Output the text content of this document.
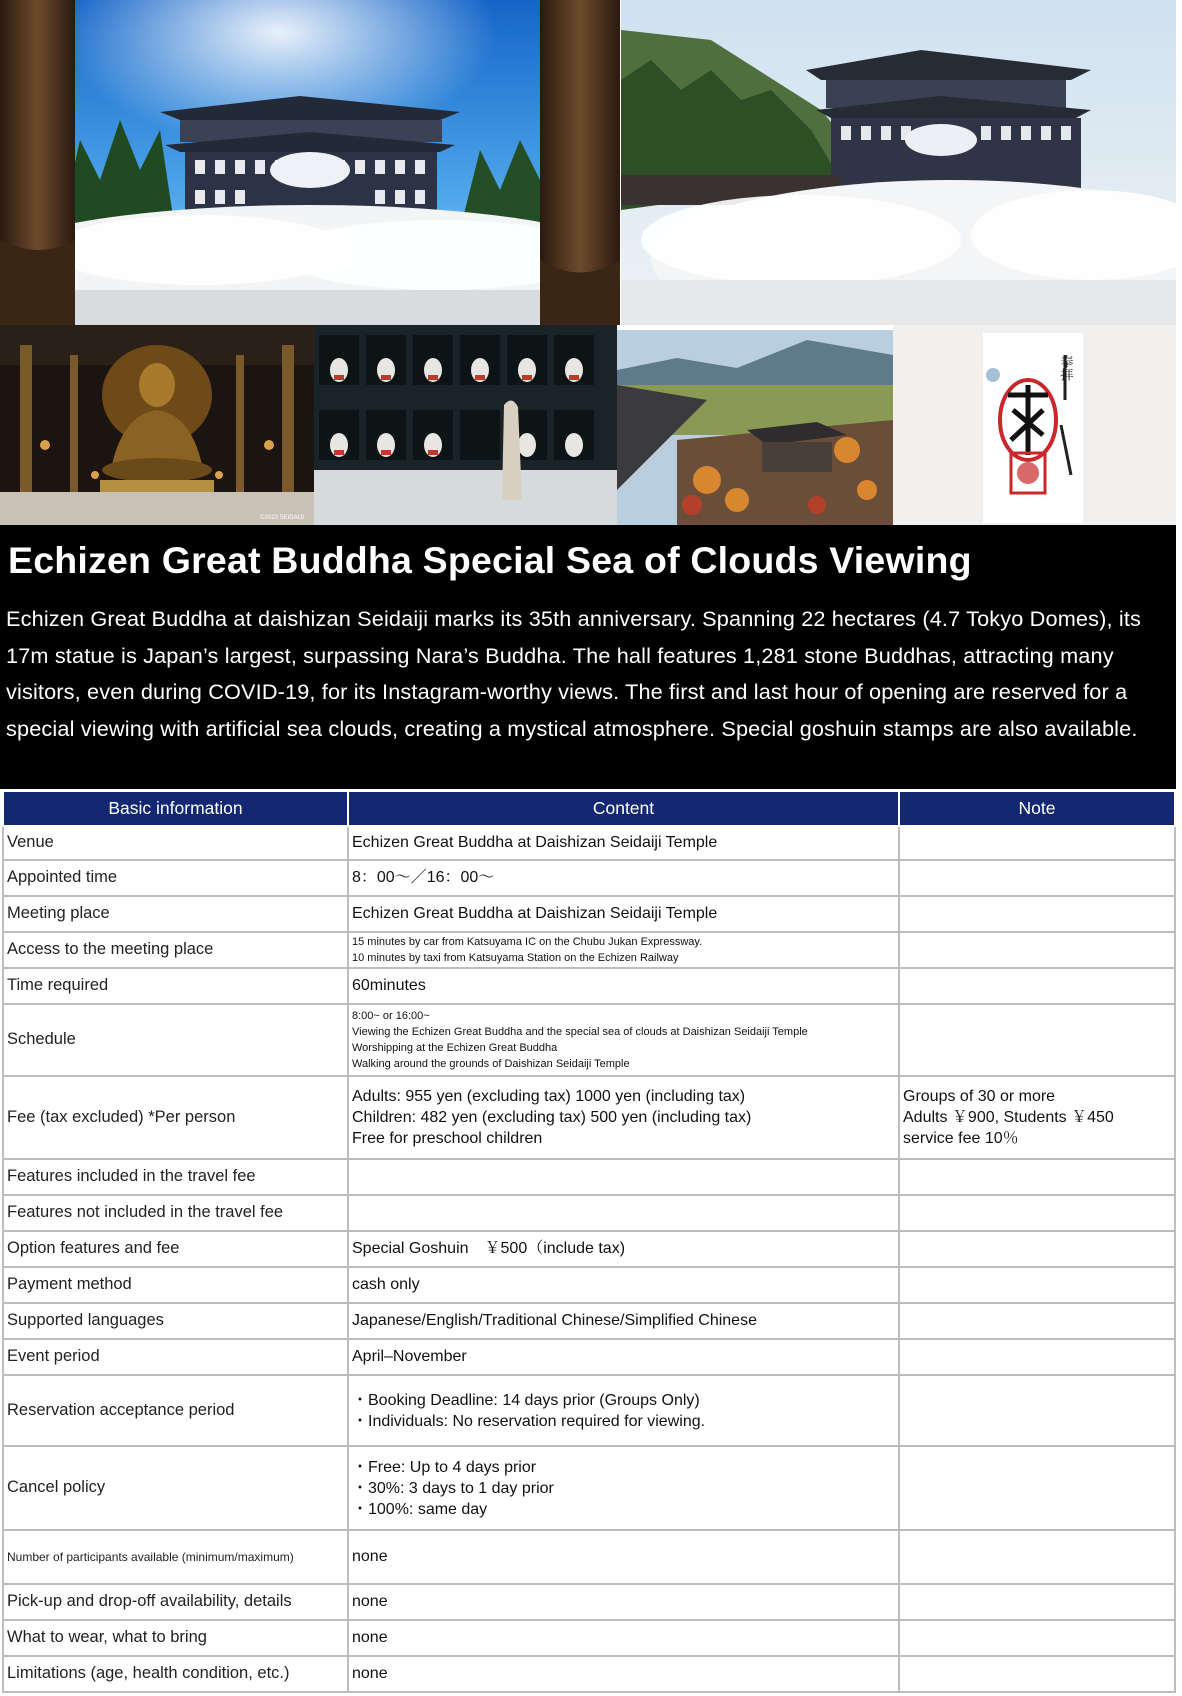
©2023 SEIDAIJI
奉拝
Echizen Great Buddha Special Sea of Clouds Viewing

Echizen Great Buddha at daishizan Seidaiji marks its 35th anniversary. Spanning 22 hectares (4.7 Tokyo Domes), its 17m statue is Japan’s largest, surpassing Nara’s Buddha. The hall features 1,281 stone Buddhas, attracting many visitors, even during COVID-19, for its Instagram-worthy views. The first and last hour of opening are reserved for a special viewing with artificial sea clouds, creating a mystical atmosphere. Special goshuin stamps are also available.

Basic information	Content	Note
Venue	Echizen Great Buddha at Daishizan Seidaiji Temple	
Appointed time	8：00～／16：00～	
Meeting place	Echizen Great Buddha at Daishizan Seidaiji Temple	
Access to the meeting place	15 minutes by car from Katsuyama IC on the Chubu Jukan Expressway.
10 minutes by taxi from Katsuyama Station on the Echizen Railway	

Time required	60minutes	
Schedule	8:00~ or 16:00~
Viewing the Echizen Great Buddha and the special sea of clouds at Daishizan Seidaiji Temple
Worshipping at the Echizen Great Buddha
Walking around the grounds of Daishizan Seidaiji Temple	

Fee (tax excluded) *Per person	Adults: 955 yen (excluding tax) 1000 yen (including tax)
Children: 482 yen (excluding tax) 500 yen (including tax)
Free for preschool children	Groups of 30 or more
Adults ￥900, Students ￥450
service fee 10％

Features included in the travel fee		
Features not included in the travel fee		
Option features and fee	Special Goshuin　￥500（include tax)	
Payment method	cash only	
Supported languages	Japanese/English/Traditional Chinese/Simplified Chinese	
Event period	April–November	
Reservation acceptance period	・Booking Deadline: 14 days prior (Groups Only)
・Individuals: No reservation required for viewing.	

Cancel policy	・Free: Up to 4 days prior
・30%: 3 days to 1 day prior
・100%: same day	

Number of participants available (minimum/maximum)	none	
Pick-up and drop-off availability, details	none	
What to wear, what to bring	none	
Limitations (age, health condition, etc.)	none	
